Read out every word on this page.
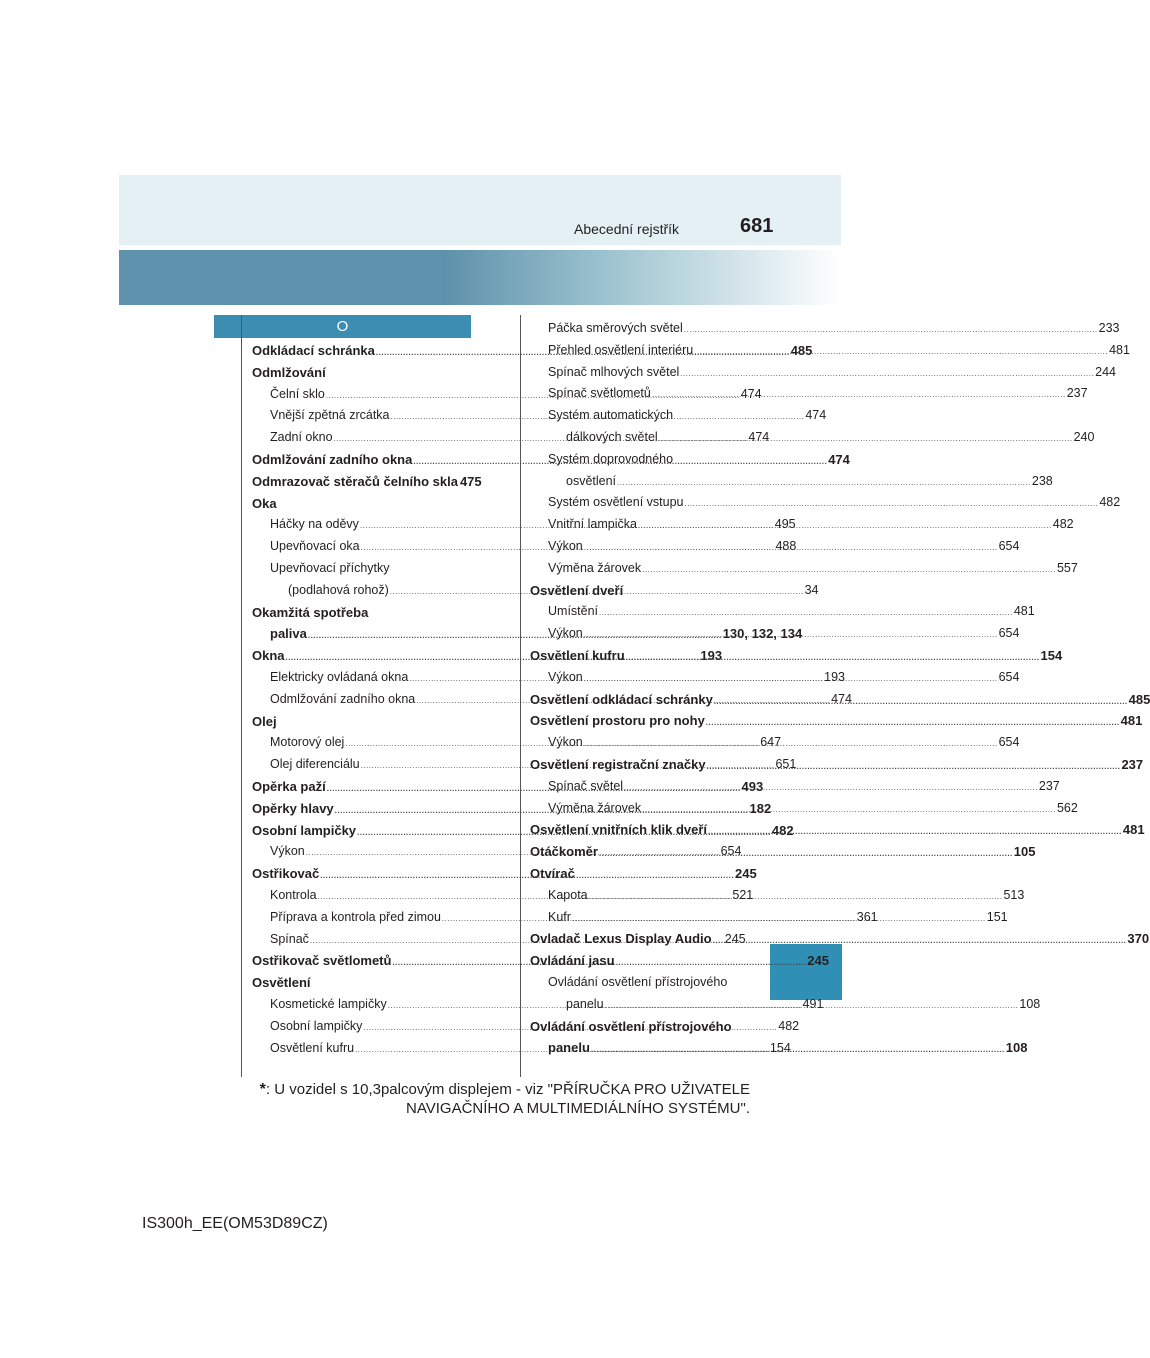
Abecední rejstřík	681
O
Odkládací schránka .....	485
Odmlžování
Čelní sklo .....	474
Vnější zpětná zrcátka .....	474
Zadní okno .....	474
Odmlžování zadního okna .....	474
Odmrazovač stěračů čelního skla 475
Oka
Háčky na oděvy .....	495
Upevňovací oka .....	488
Upevňovací příchytky
(podlahová rohož) .....	34
Okamžitá spotřeba
paliva .....	130, 132, 134
Okna .....	193
Elektricky ovládaná okna .....	193
Odmlžování zadního okna .....	474
Olej
Motorový olej .....	647
Olej diferenciálu .....	651
Opěrka paží .....	493
Opěrky hlavy .....	182
Osobní lampičky .....	482
Výkon .....	654
Ostřikovač .....	245
Kontrola .....	521
Příprava a kontrola před zimou .....	361
Spínač .....	245
Ostřikovač světlometů .....	245
Osvětlení
Kosmetické lampičky .....	491
Osobní lampičky .....	482
Osvětlení kufru .....	154
Páčka směrových světel .....	233
Přehled osvětlení interiéru .....	481
Spínač mlhových světel .....	244
Spínač světlometů .....	237
Systém automatických
dálkových světel .....	240
Systém doprovodného
osvětlení .....	238
Systém osvětlení vstupu .....	482
Vnitřní lampička .....	482
Výkon .....	654
Výměna žárovek .....	557
Osvětlení dveří
Umístění .....	481
Výkon .....	654
Osvětlení kufru .....	154
Výkon .....	654
Osvětlení odkládací schránky .....	485
Osvětlení prostoru pro nohy .....	481
Výkon .....	654
Osvětlení registrační značky .....	237
Spínač světel .....	237
Výměna žárovek .....	562
Osvětlení vnitřních klik dveří .....	481
Otáčkoměr .....	105
Otvírač
Kapota .....	513
Kufr .....	151
Ovladač Lexus Display Audio .....	370
Ovládání jasu
Ovládání osvětlení přístrojového
panelu .....	108
Ovládání osvětlení přístrojového
panelu .....	108
*: U vozidel s 10,3palcovým displejem - viz "PŘÍRUČKA PRO UŽIVATELE
NAVIGAČNÍHO A MULTIMEDIÁLNÍHO SYSTÉMU".
IS300h_EE(OM53D89CZ)
